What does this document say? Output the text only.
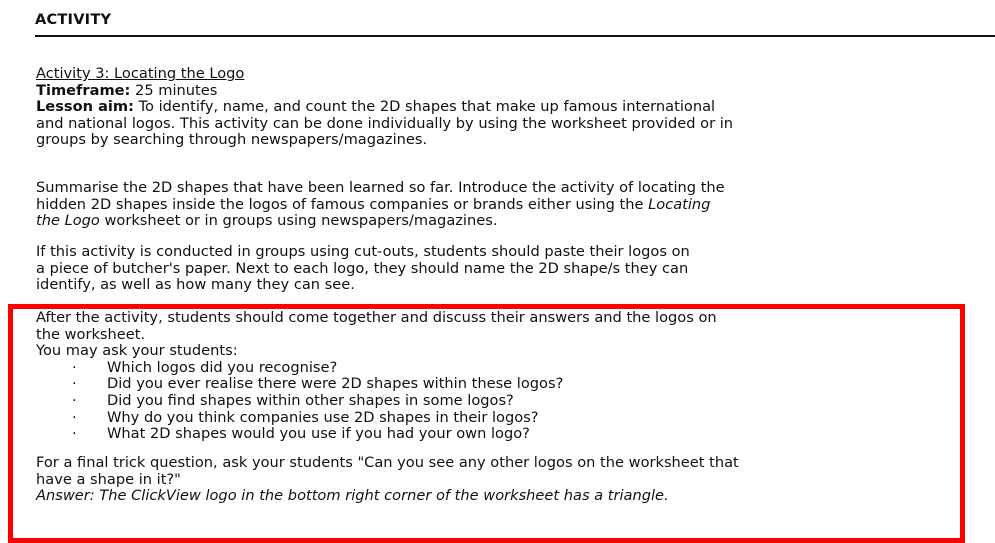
ACTIVITY
Activity 3: Locating the Logo
Timeframe: 25 minutes
Lesson aim: To identify, name, and count the 2D shapes that make up famous international
and national logos. This activity can be done individually by using the worksheet provided or in
groups by searching through newspapers/magazines.
Summarise the 2D shapes that have been learned so far. Introduce the activity of locating the
hidden 2D shapes inside the logos of famous companies or brands either using the Locating
the Logo worksheet or in groups using newspapers/magazines.
If this activity is conducted in groups using cut-outs, students should paste their logos on
a piece of butcher's paper. Next to each logo, they should name the 2D shape/s they can
identify, as well as how many they can see.
After the activity, students should come together and discuss their answers and the logos on
the worksheet.
You may ask your students:
· Which logos did you recognise?
· Did you ever realise there were 2D shapes within these logos?
· Did you find shapes within other shapes in some logos?
· Why do you think companies use 2D shapes in their logos?
· What 2D shapes would you use if you had your own logo?
For a final trick question, ask your students "Can you see any other logos on the worksheet that
have a shape in it?"
Answer: The ClickView logo in the bottom right corner of the worksheet has a triangle.
